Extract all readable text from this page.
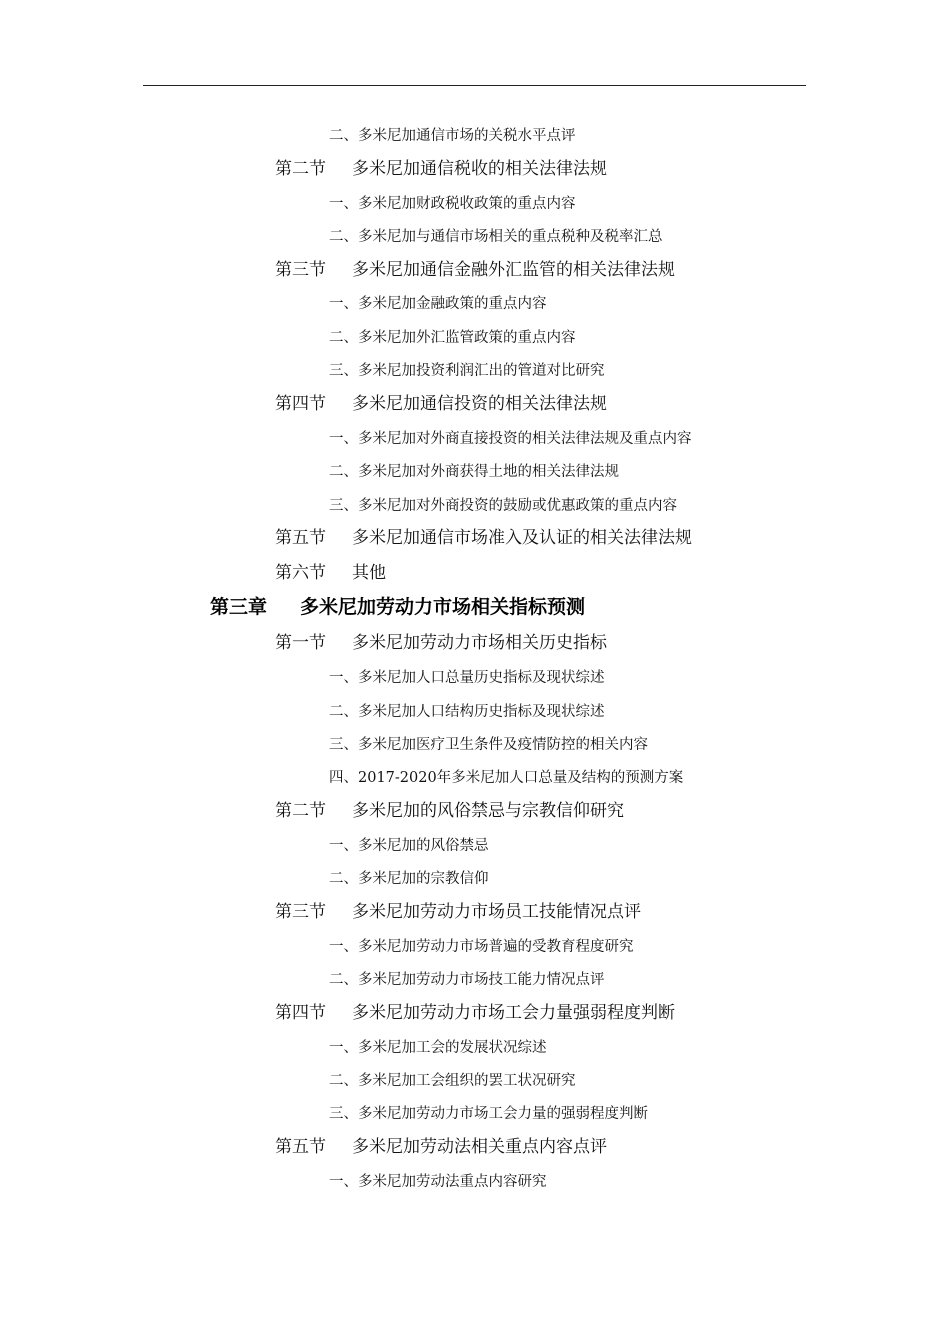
二、多米尼加通信市场的关税水平点评
第二节 多米尼加通信税收的相关法律法规
一、多米尼加财政税收政策的重点内容
二、多米尼加与通信市场相关的重点税种及税率汇总
第三节 多米尼加通信金融外汇监管的相关法律法规
一、多米尼加金融政策的重点内容
二、多米尼加外汇监管政策的重点内容
三、多米尼加投资利润汇出的管道对比研究
第四节 多米尼加通信投资的相关法律法规
一、多米尼加对外商直接投资的相关法律法规及重点内容
二、多米尼加对外商获得土地的相关法律法规
三、多米尼加对外商投资的鼓励或优惠政策的重点内容
第五节 多米尼加通信市场准入及认证的相关法律法规
第六节 其他
第三章 多米尼加劳动力市场相关指标预测
第一节 多米尼加劳动力市场相关历史指标
一、多米尼加人口总量历史指标及现状综述
二、多米尼加人口结构历史指标及现状综述
三、多米尼加医疗卫生条件及疫情防控的相关内容
四、2017-2020年多米尼加人口总量及结构的预测方案
第二节 多米尼加的风俗禁忌与宗教信仰研究
一、多米尼加的风俗禁忌
二、多米尼加的宗教信仰
第三节 多米尼加劳动力市场员工技能情况点评
一、多米尼加劳动力市场普遍的受教育程度研究
二、多米尼加劳动力市场技工能力情况点评
第四节 多米尼加劳动力市场工会力量强弱程度判断
一、多米尼加工会的发展状况综述
二、多米尼加工会组织的罢工状况研究
三、多米尼加劳动力市场工会力量的强弱程度判断
第五节 多米尼加劳动法相关重点内容点评
一、多米尼加劳动法重点内容研究
